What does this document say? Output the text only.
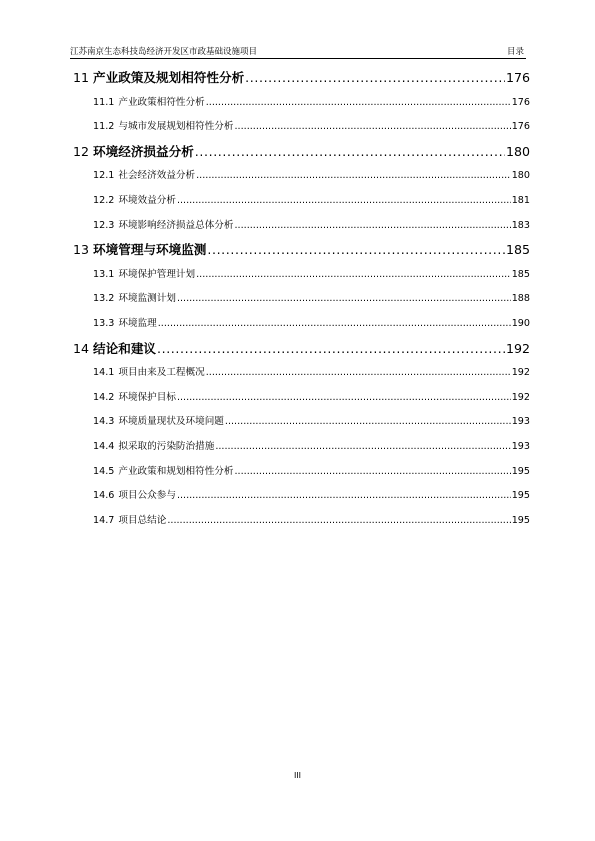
江苏南京生态科技岛经济开发区市政基础设施项目	目录
11 产业政策及规划相符性分析 .....	176
11.1 产业政策相符性分析 .....	176
11.2 与城市发展规划相符性分析 .....	176
12 环境经济损益分析 .....	180
12.1 社会经济效益分析 .....	180
12.2 环境效益分析 .....	181
12.3 环境影响经济损益总体分析 .....	183
13 环境管理与环境监测 .....	185
13.1 环境保护管理计划 .....	185
13.2 环境监测计划 .....	188
13.3 环境监理 .....	190
14 结论和建议 .....	192
14.1 项目由来及工程概况 .....	192
14.2 环境保护目标 .....	192
14.3 环境质量现状及环境问题 .....	193
14.4 拟采取的污染防治措施 .....	193
14.5 产业政策和规划相符性分析 .....	195
14.6 项目公众参与 .....	195
14.7 项目总结论 .....	195
III
